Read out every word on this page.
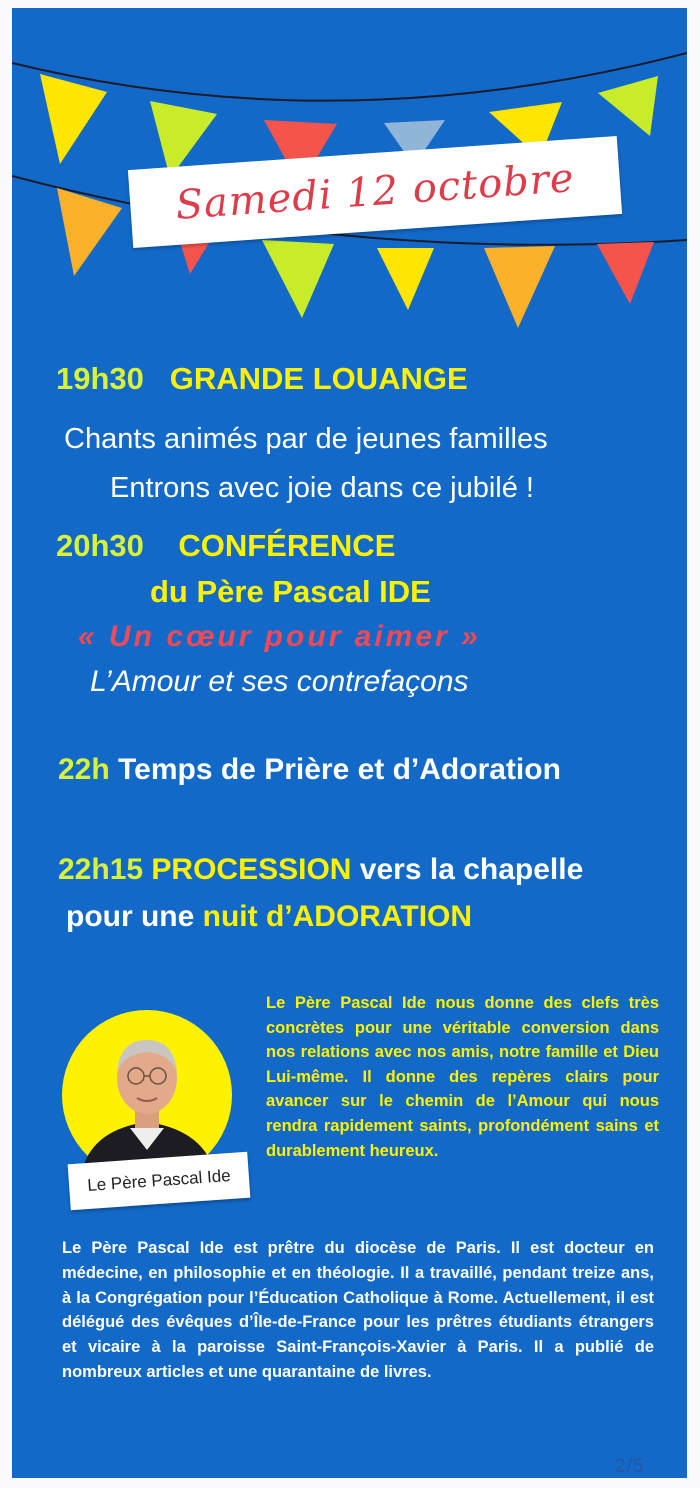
Samedi 12 octobre
19h30 GRANDE LOUANGE
Chants animés par de jeunes familles
Entrons avec joie dans ce jubilé !
20h30 CONFÉRENCE
du Père Pascal IDE
« Un cœur pour aimer »
L’Amour et ses contrefaçons
22h Temps de Prière et d’Adoration
22h15 PROCESSION vers la chapelle
pour une nuit d’ADORATION
Le Père Pascal Ide

Le Père Pascal Ide nous donne des clefs très concrètes pour une véritable conversion dans nos relations avec nos amis, notre famille et Dieu Lui-même. Il donne des repères clairs pour avancer sur le chemin de l’Amour qui nous rendra rapidement saints, profondément sains et durablement heureux.

Le Père Pascal Ide est prêtre du diocèse de Paris. Il est docteur en médecine, en philosophie et en théologie. Il a travaillé, pendant treize ans, à la Congrégation pour l’Éducation Catholique à Rome. Actuellement, il est délégué des évêques d’Île-de-France pour les prêtres étudiants étrangers et vicaire à la paroisse Saint-François-Xavier à Paris. Il a publié de nombreux articles et une quarantaine de livres.

2/5
